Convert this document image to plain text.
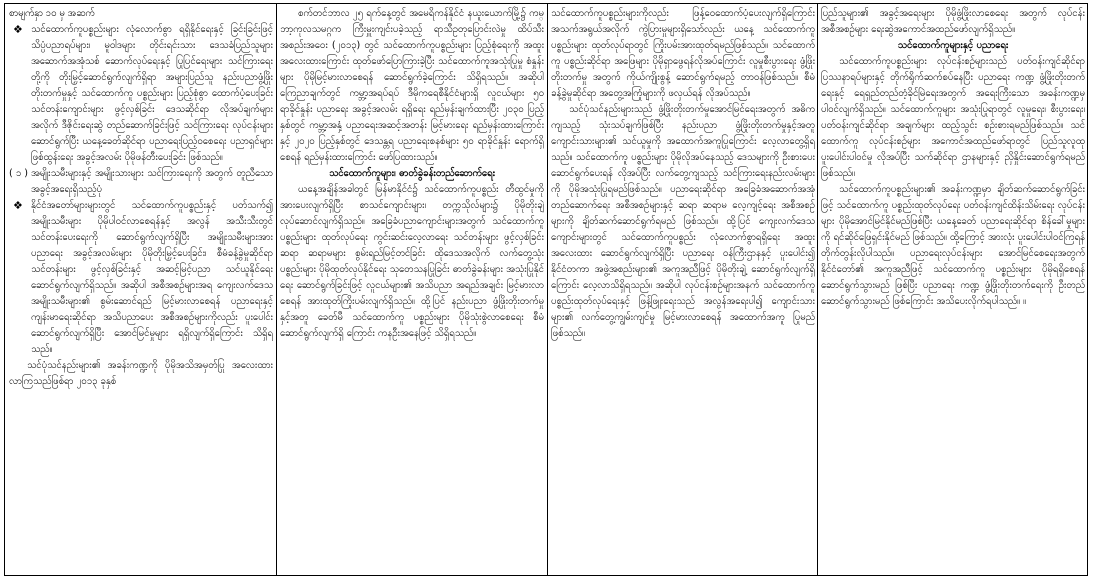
စာမျက်နှာ ၁၀ မှ အဆက်

❖ သင်ထောက်ကူပစ္စည်းများ လုံလောက်စွာ ရရှိနိုင်ရေးနှင့် ခြင်းခြင်းဖြင့် သိပ္ပံပညာရပ်များ၊ မူဝါဒများ တိုင်းရင်းသား ဒေသခံပြည်သူများ အဆောက်အအုံသစ် ဆောက်လုပ်ရေးနှင့် ပြုပြင်ရေးများ သင်ကြားရေးတို့ကို တိုးမြှင့်ဆောင်ရွက်လျက်ရှိရာ အများပြည်သူ နည်းပညာဖွံ့ဖြိုးတိုးတက်မှုနှင့် သင်ထောက်ကူ ပစ္စည်းများ ပြည့်စုံစွာ ထောက်ပံ့ပေးခြင်း သင်တန်းကျောင်းများ ဖွင့်လှစ်ခြင်း ဒေသဆိုင်ရာ လိုအပ်ချက်များအလိုက် ဒီဇိုင်းရေးဆွဲ တည်ဆောက်ခြင်းဖြင့် သင်ကြားရေး လုပ်ငန်းများ ဆောင်ရွက်ပြီး ယနေ့ခေတ်ဆိုင်ရာ ပညာရေးပြည့်ဝစေရေး ပညာရှင်များ ဖြစ်ထွန်းရေး အခွင့်အလမ်း ပိုမိုဖန်တီးပေးခြင်း ဖြစ်သည်။

( ၁ ) အမျိုးသမီးများနှင့် အမျိုးသားများ သင်ကြားရေးကို အတွက် တူညီသော အခွင့်အရေးရှိသည့်ပုံ

❖ နိုင်ငံအတော်များများတွင် သင်ထောက်ကူပစ္စည်းနှင့် ပတ်သက်၍ အမျိုးသမီးများ ပိုမိုပါဝင်လာစေရန်နှင့် အလွန် အသီးသီးတွင် သင်တန်းပေးရေးကို ဆောင်ရွက်လျက်ရှိပြီး အမျိုးသမီးများအား ပညာရေး အခွင့်အလမ်းများ ပိုမိုတိုးမြှင့်ပေးခြင်း၊ စီမံခန့်ခွဲမှုဆိုင်ရာ သင်တန်းများ ဖွင့်လှစ်ခြင်းနှင့် အဆင့်မြင့်ပညာ သင်ယူနိုင်ရေး ဆောင်ရွက်လျက်ရှိသည်။ အဆိုပါ အစီအစဉ်များအရ ကျေးလက်ဒေသ အမျိုးသမီးများ၏ စွမ်းဆောင်ရည် မြင့်မားလာစေရန် ပညာရေးနှင့် ကျန်းမာရေးဆိုင်ရာ အသိပညာပေး အစီအစဉ်များကိုလည်း ပူးပေါင်းဆောင်ရွက်လျက်ရှိပြီး အောင်မြင်မှုများ ရရှိလျက်ရှိကြောင်း သိရှိရသည်။

သင်ပုံသင်နည်းများ၏ အခန်းကဏ္ဍကို ပိုမိုအသိအမှတ်ပြု အလေးထားလာကြသည်ဖြစ်ရာ ၂၀၁၃ ခုနှစ်

စက်တင်ဘာလ ၂၅ ရက်နေ့တွင် အမေရိကန်နိုင်ငံ နယူးယောက်မြို့၌ ကမ္ဘာ့ကုလသမဂ္ဂက ကြီးမှူးကျင်းပခဲ့သည့် ရာသီဥတုပြောင်းလဲမှု ထိပ်သီးအစည်းအဝေး (၂၀၁၃) တွင် သင်ထောက်ကူပစ္စည်းများ ပြည့်စုံရေးကို အထူးအလေးထားကြောင်း ထုတ်ဖော်ပြောကြားခဲ့ပြီး သင်ထောက်ကူအသုံးပြုမှု စံနှုန်းများ ပိုမိုမြင့်မားလာစေရန် ဆောင်ရွက်ခဲ့ကြောင်း သိရှိရသည်။ အဆိုပါကြေညာချက်တွင် ကမ္ဘာ့အရပ်ရပ် ဒီမိုကရေစီနိုင်ငံများရှိ လူငယ်များ ၅၀ ရာခိုင်နှုန်း ပညာရေး အခွင့်အလမ်း ရရှိရေး ရည်မှန်းချက်ထားပြီး ၂၀၃၀ ပြည့်နှစ်တွင် ကမ္ဘာ့အနှံ့ ပညာရေးအဆင့်အတန်း မြင့်မားရေး ရည်မှန်းထားကြောင်းနှင့် ၂၀၂၀ ပြည့်နှစ်တွင် ဒေသန္တရ ပညာရေးစနစ်များ ၅၀ ရာခိုင်နှုန်း ရောက်ရှိစေရန် ရည်မှန်းထားကြောင်း ဖော်ပြထားသည်။

သင်ထောက်ကူများ၊ ဓာတ်ခွဲခန်းတည်ဆောက်ရေး

ယနေ့အချိန်အခါတွင် မြန်မာနိုင်ငံ၌ သင်ထောက်ကူပစ္စည်း တီထွင်မှုကို အားပေးလျက်ရှိပြီး စာသင်ကျောင်းများ၊ တက္ကသိုလ်များ၌ ပိုမိုတိုးချဲ့ လုပ်ဆောင်လျက်ရှိသည်။ အခြေခံပညာကျောင်းများအတွက် သင်ထောက်ကူပစ္စည်းများ ထုတ်လုပ်ရေး ကွင်းဆင်းလေ့လာရေး သင်တန်းများ ဖွင့်လှစ်ခြင်း ဆရာ ဆရာမများ စွမ်းရည်မြင့်တင်ခြင်း ထိုဒေသအလိုက် လက်တွေ့သုံး ပစ္စည်းများ ပိုမိုထုတ်လုပ်နိုင်ရေး သုတေသနပြုခြင်း ဓာတ်ခွဲခန်းများ အသုံးပြုနိုင်ရေး ဆောင်ရွက်ခြင်းဖြင့် လူငယ်များ၏ အသိပညာ အရည်အချင်း မြင့်မားလာစေရန် အားထုတ်ကြိုးပမ်းလျက်ရှိသည်။ ထို့ပြင် နည်းပညာ ဖွံ့ဖြိုးတိုးတက်မှု နှင့်အတူ ခေတ်မီ သင်ထောက်ကူ ပစ္စည်းများ ပိုမိုသုံးစွဲလာစေရေး စီမံဆောင်ရွက်လျက်ရှိ ကြောင်း ကနဦးအနေဖြင့် သိရှိရသည်။

သင်ထောက်ကူပစ္စည်းများကိုလည်း ဖြန့်ဝေထောက်ပံ့ပေးလျက်ရှိကြောင်း အသက်အရွယ်အလိုက် ကွဲပြားမှုများရှိသော်လည်း ယနေ့ သင်ထောက်ကူ ပစ္စည်းများ ထုတ်လုပ်ရာတွင် ကြိုးပမ်းအားထုတ်ရမည်ဖြစ်သည်။ သင်ထောက်ကူ ပစ္စည်းဆိုင်ရာ အဖြေများ ပိုမိုရှာဖွေရန်လိုအပ်ကြောင်း လူမှုစီးပွားရေး ဖွံ့ဖြိုးတိုးတက်မှု အတွက် ကိုယ်ကျိုးစွန့် ဆောင်ရွက်ရမည့် တာဝန်ဖြစ်သည်။ စီမံခန့်ခွဲမှုဆိုင်ရာ အတွေ့အကြုံများကို ဖလှယ်ရန် လိုအပ်သည်။

သင်ပုံသင်နည်းများသည် ဖွံ့ဖြိုးတိုးတက်မှုအောင်မြင်ရေးအတွက် အဓိကကျသည့် သုံးသပ်ချက်ဖြစ်ပြီး နည်းပညာ ဖွံ့ဖြိုးတိုးတက်မှုနှင့်အတူ ကျောင်းသားများ၏ သင်ယူမှုကို အထောက်အကူပြုကြောင်း လေ့လာတွေ့ရှိရသည်။ သင်ထောက်ကူ ပစ္စည်းများ ပိုမိုလိုအပ်နေသည့် ဒေသများကို ဦးစားပေး ဆောင်ရွက်ပေးရန် လိုအပ်ပြီး လက်တွေ့ကျသည့် သင်ကြားရေးနည်းလမ်းများကို ပိုမိုအသုံးပြုရမည်ဖြစ်သည်။ ပညာရေးဆိုင်ရာ အခြေခံအဆောက်အအုံ တည်ဆောက်ရေး အစီအစဉ်များနှင့် ဆရာ ဆရာမ လေ့ကျင့်ရေး အစီအစဉ်များကို ချိတ်ဆက်ဆောင်ရွက်ရမည် ဖြစ်သည်။ ထို့ပြင် ကျေးလက်ဒေသ ကျောင်းများတွင် သင်ထောက်ကူပစ္စည်း လုံလောက်စွာရရှိရေး အထူးအလေးထား ဆောင်ရွက်လျက်ရှိပြီး ပညာရေး ဝန်ကြီးဌာနနှင့် ပူးပေါင်း၍ နိုင်ငံတကာ အဖွဲ့အစည်းများ၏ အကူအညီဖြင့် ပိုမိုတိုးချဲ့ ဆောင်ရွက်လျက်ရှိကြောင်း လေ့လာသိရှိရသည်။ အဆိုပါ လုပ်ငန်းစဉ်များအနက် သင်ထောက်ကူ ပစ္စည်းထုတ်လုပ်ရေးနှင့် ဖြန့်ဖြူးရေးသည် အလွန်အရေးပါ၍ ကျောင်းသားများ၏ လက်တွေ့ကျွမ်းကျင်မှု မြင့်မားလာစေရန် အထောက်အကူ ပြုမည်ဖြစ်သည်။

ပြည်သူများ၏ အခွင့်အရေးများ ပိုမိုဖွံ့ဖြိုးလာစေရေး အတွက် လုပ်ငန်းအစီအစဉ်များ ရေးဆွဲအကောင်အထည်ဖော်လျက်ရှိသည်။

သင်ထောက်ကူများနှင့် ပညာရေး

သင်ထောက်ကူပစ္စည်းများ လုပ်ငန်းစဉ်များသည် ပတ်ဝန်းကျင်ဆိုင်ရာ ပြဿနာရပ်များနှင့် တိုက်ရိုက်ဆက်စပ်နေပြီး ပညာရေး ကဏ္ဍ ဖွံ့ဖြိုးတိုးတက်ရေးနှင့် ရေရှည်တည်တံ့ခိုင်မြဲရေးအတွက် အရေးကြီးသော အခန်းကဏ္ဍမှ ပါဝင်လျက်ရှိသည်။ သင်ထောက်ကူများ အသုံးပြုရာတွင် လူမှုရေး၊ စီးပွားရေး၊ ပတ်ဝန်းကျင်ဆိုင်ရာ အချက်များ ထည့်သွင်း စဉ်းစားရမည်ဖြစ်သည်။ သင်ထောက်ကူ လုပ်ငန်းစဉ်များ အကောင်အထည်ဖော်ရာတွင် ပြည်သူလူထု ပူးပေါင်းပါဝင်မှု လိုအပ်ပြီး သက်ဆိုင်ရာ ဌာနများနှင့် ညှိနှိုင်းဆောင်ရွက်ရမည် ဖြစ်သည်။

သင်ထောက်ကူပစ္စည်းများ၏ အခန်းကဏ္ဍမှာ ချိတ်ဆက်ဆောင်ရွက်ခြင်းဖြင့် သင်ထောက်ကူ ပစ္စည်းထုတ်လုပ်ရေး ပတ်ဝန်းကျင်ထိန်းသိမ်းရေး လုပ်ငန်းများ ပိုမိုအောင်မြင်နိုင်မည်ဖြစ်ပြီး ယနေ့ခေတ် ပညာရေးဆိုင်ရာ စိန်ခေါ်မှုများကို ရင်ဆိုင်ဖြေရှင်းနိုင်မည် ဖြစ်သည်။ ထို့ကြောင့် အားလုံး ပူးပေါင်းပါဝင်ကြရန် တိုက်တွန်းလိုပါသည်။ ပညာရေးလုပ်ငန်းများ အောင်မြင်စေရေးအတွက် နိုင်ငံတော်၏ အကူအညီဖြင့် သင်ထောက်ကူ ပစ္စည်းများ ပိုမိုရရှိစေရန် ဆောင်ရွက်သွားမည် ဖြစ်ပြီး ပညာရေး ကဏ္ဍ ဖွံ့ဖြိုးတိုးတက်ရေးကို ဦးတည်ဆောင်ရွက်သွားမည် ဖြစ်ကြောင်း အသိပေးလိုက်ရပါသည်။ ။
